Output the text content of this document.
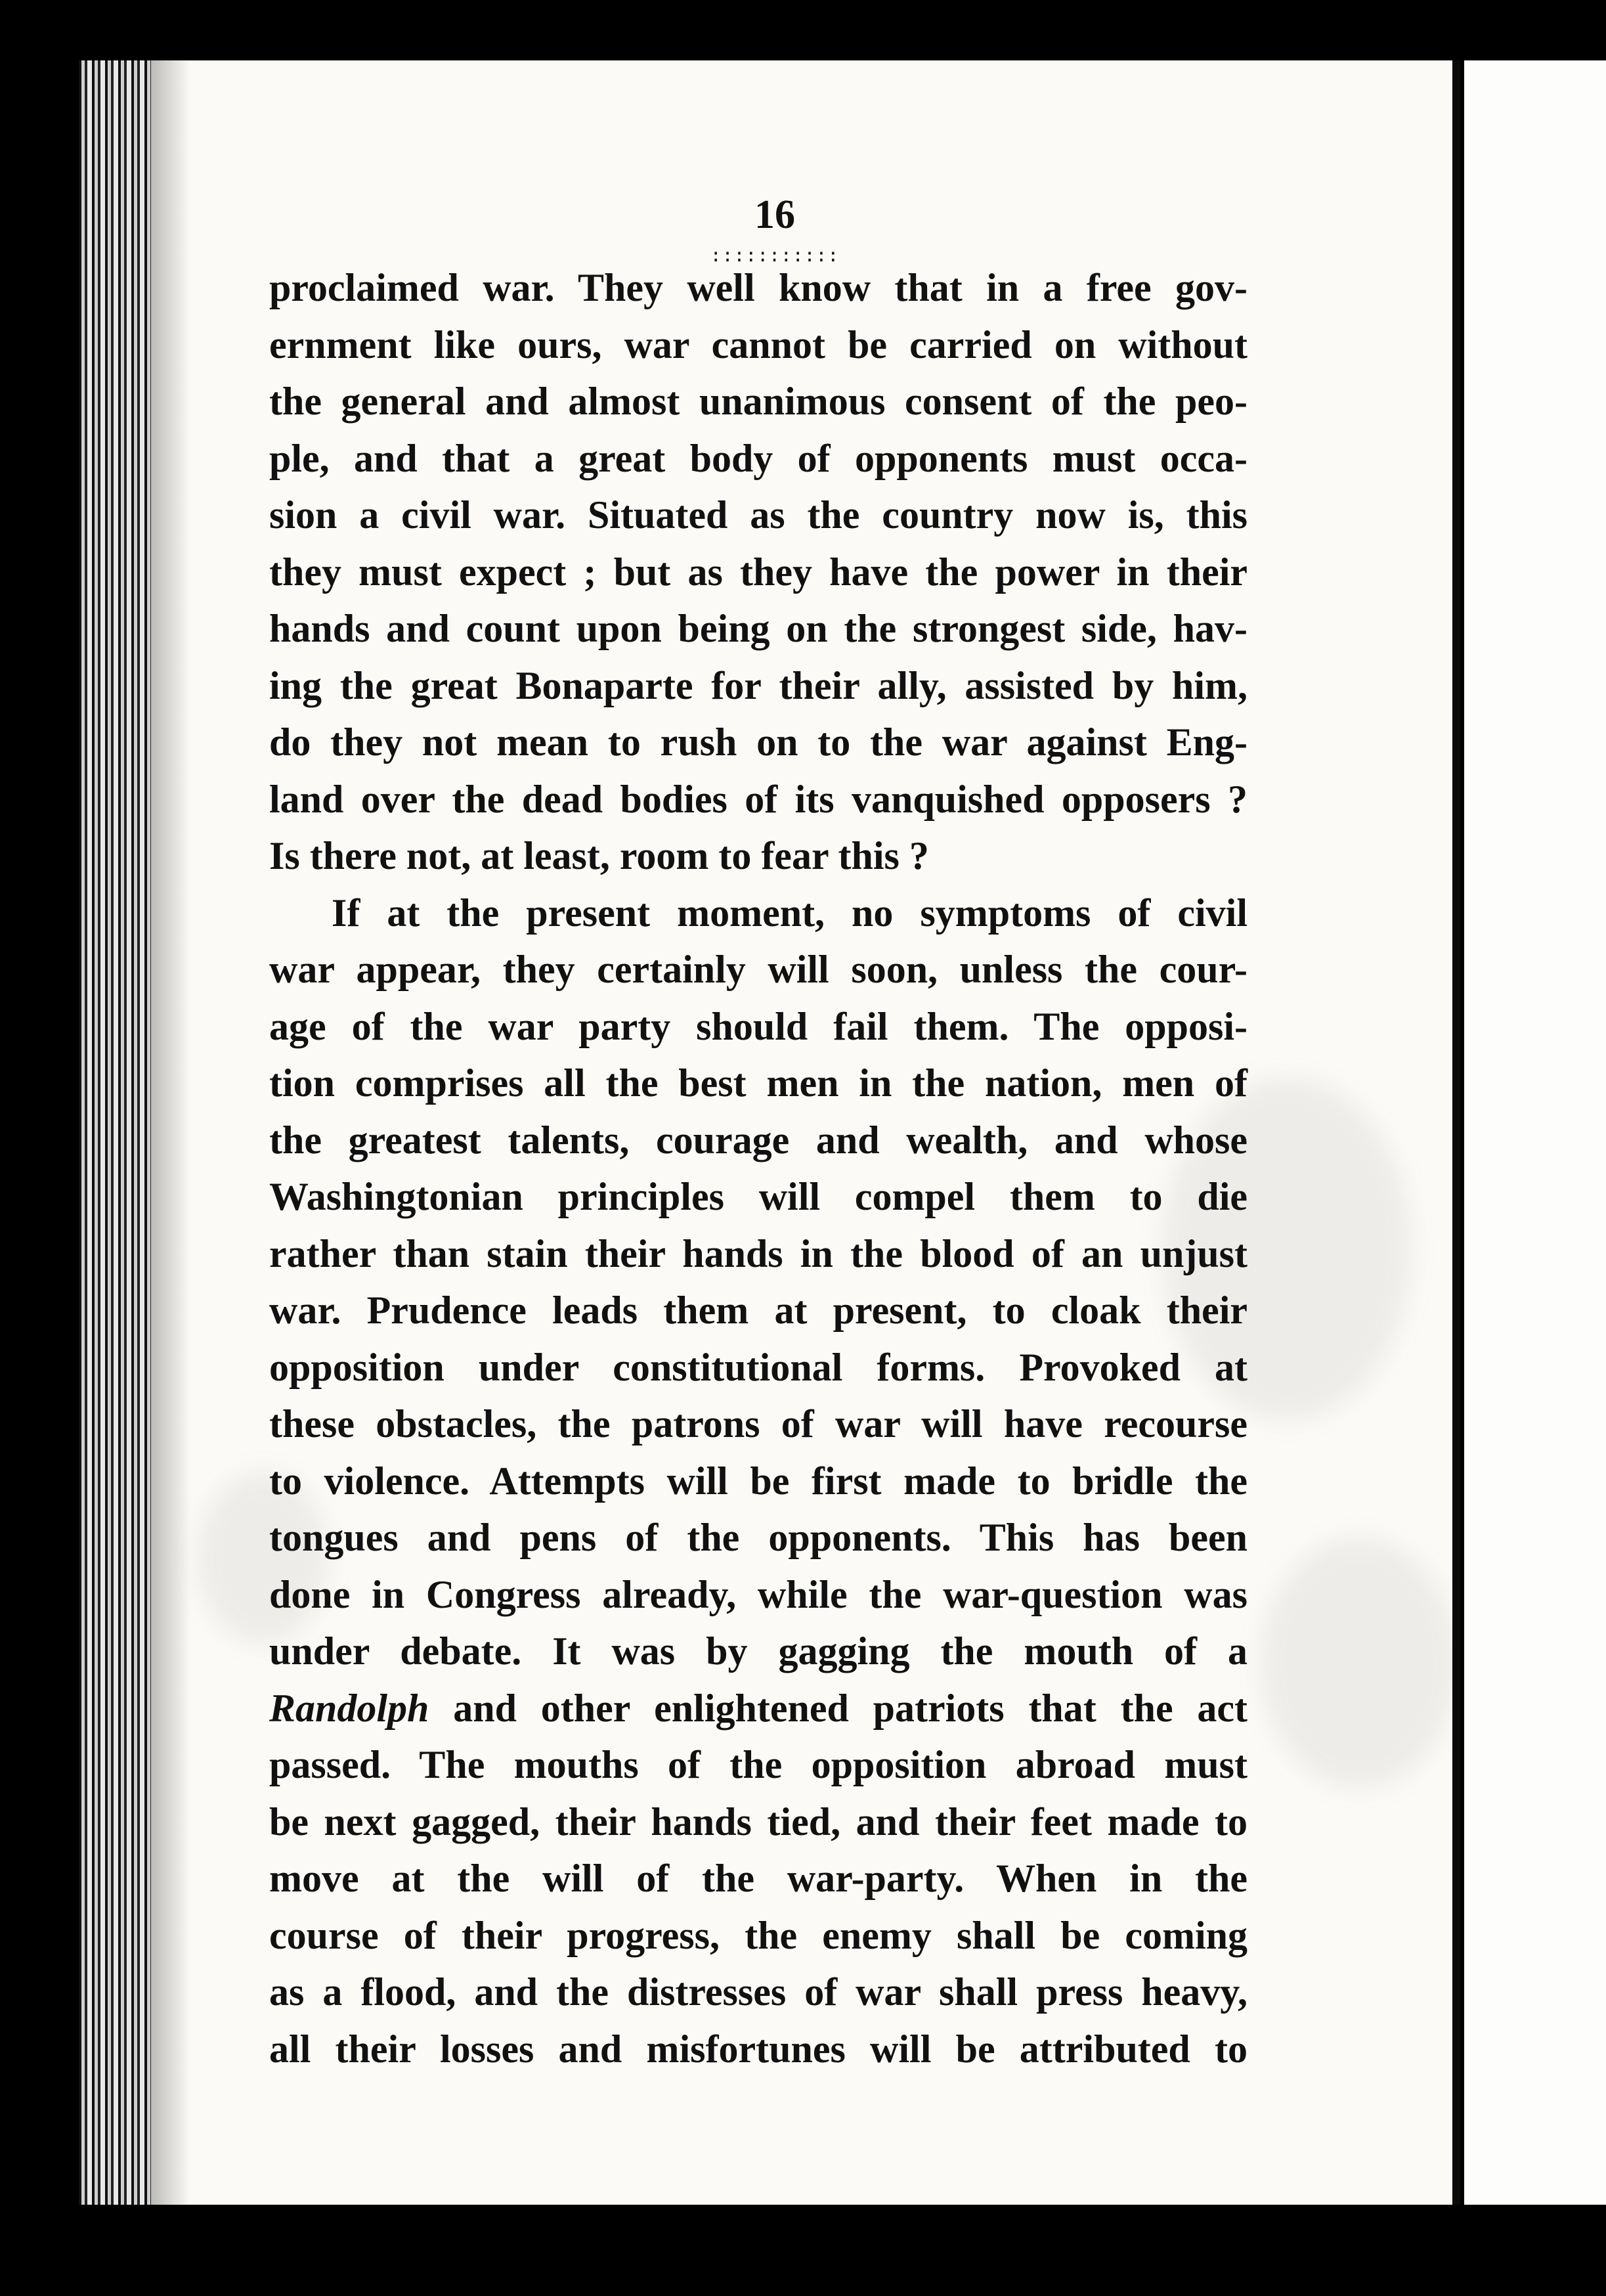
16
:::::::::::
proclaimed war. They well know that in a free gov-
ernment like ours, war cannot be carried on without
the general and almost unanimous consent of the peo-
ple, and that a great body of opponents must occa-
sion a civil war. Situated as the country now is, this
they must expect ; but as they have the power in their
hands and count upon being on the strongest side, hav-
ing the great Bonaparte for their ally, assisted by him,
do they not mean to rush on to the war against Eng-
land over the dead bodies of its vanquished opposers ?
Is there not, at least, room to fear this ?
If at the present moment, no symptoms of civil
war appear, they certainly will soon, unless the cour-
age of the war party should fail them. The opposi-
tion comprises all the best men in the nation, men of
the greatest talents, courage and wealth, and whose
Washingtonian principles will compel them to die
rather than stain their hands in the blood of an unjust
war. Prudence leads them at present, to cloak their
opposition under constitutional forms. Provoked at
these obstacles, the patrons of war will have recourse
to violence. Attempts will be first made to bridle the
tongues and pens of the opponents. This has been
done in Congress already, while the war-question was
under debate. It was by gagging the mouth of a
Randolph and other enlightened patriots that the act
passed. The mouths of the opposition abroad must
be next gagged, their hands tied, and their feet made to
move at the will of the war-party. When in the
course of their progress, the enemy shall be coming
as a flood, and the distresses of war shall press heavy,
all their losses and misfortunes will be attributed to
